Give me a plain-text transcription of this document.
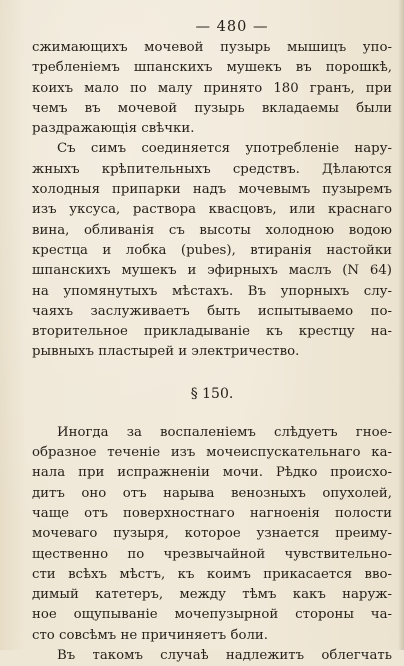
— 480 —
сжимающихъ мочевой пузырь мышицъ упо-
требленіемъ шпанскихъ мушекъ въ порошкѣ,
коихъ мало по малу принято 180 гранъ, при
чемъ въ мочевой пузырь вкладаемы были
раздражающія свѣчки.
Съ симъ соединяется употребленіе нару-
жныхъ крѣпительныхъ средствъ. Дѣлаются
холодныя припарки надъ мочевымъ пузыремъ
изъ уксуса, раствора квасцовъ, или краснаго
вина, обливанія съ высоты холодною водою
крестца и лобка (pubes), втиранія настойки
шпанскихъ мушекъ и эфирныхъ маслъ (N 64)
на упомянутыхъ мѣстахъ. Въ упорныхъ слу-
чаяхъ заслуживаетъ быть испытываемо по-
вторительное прикладываніе къ крестцу на-
рывныхъ пластырей и электричество.
§ 150.
Иногда за воспаленіемъ слѣдуетъ гное-
образное теченіе изъ мочеиспускательнаго ка-
нала при испражненіи мочи. Рѣдко происхо-
дитъ оно отъ нарыва венозныхъ опухолей,
чаще отъ поверхностнаго нагноенія полости
мочеваго пузыря, которое узнается преиму-
щественно по чрезвычайной чувствительно-
сти всѣхъ мѣстъ, къ коимъ прикасается вво-
димый катетеръ, между тѣмъ какъ наруж-
ное ощупываніе мочепузырной стороны ча-
сто совсѣмъ не причиняетъ боли.
Въ такомъ случаѣ надлежитъ облегчать
